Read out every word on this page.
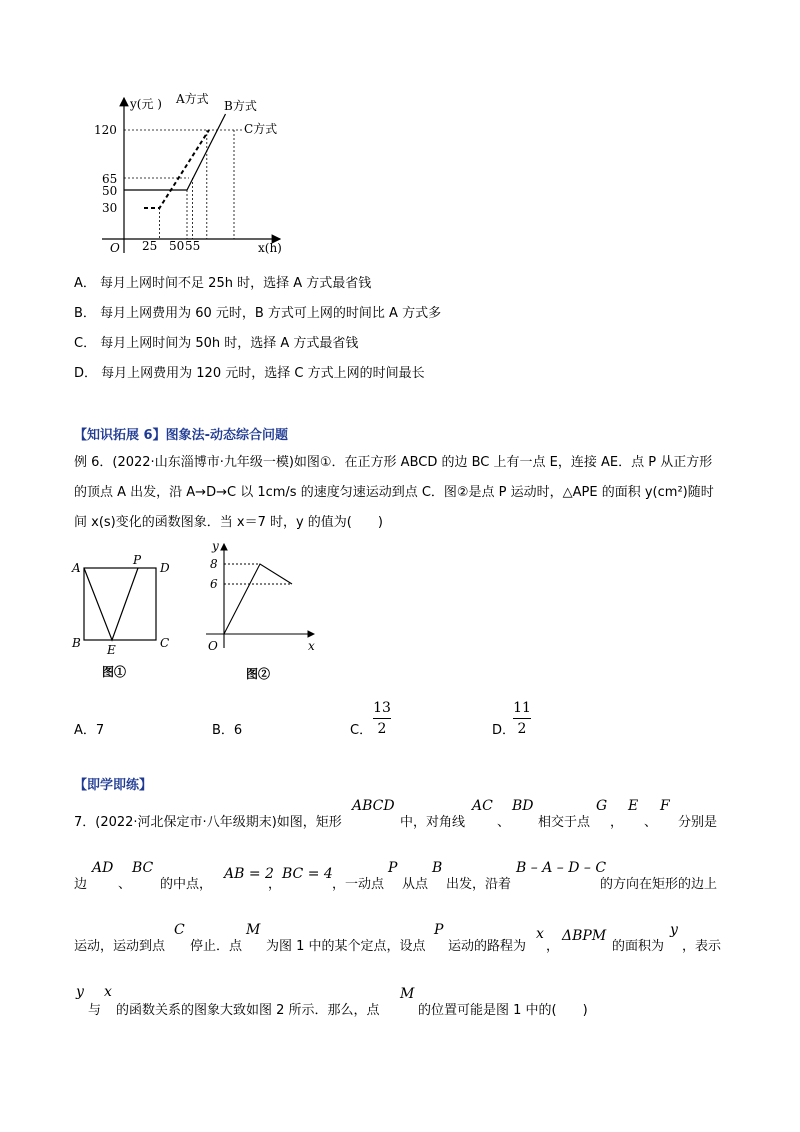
y(元 )
x(h)
O
A方式 B方式
C方式
120
65
50
30
25 50 55
A． 每月上网时间不足 25h 时，选择 A 方式最省钱
B． 每月上网费用为 60 元时，B 方式可上网的时间比 A 方式多
C． 每月上网时间为 50h 时，选择 A 方式最省钱
D． 每月上网费用为 120 元时，选择 C 方式上网的时间最长
【知识拓展 6】图象法-动态综合问题
例 6．(2022·山东淄博市·九年级一模)如图①．在正方形 ABCD 的边 BC 上有一点 E，连接 AE．点 P 从正方形
的顶点 A 出发，沿 A→D→C 以 1cm/s 的速度匀速运动到点 C．图②是点 P 运动时，△APE 的面积 y(cm²)随时
间 x(s)变化的函数图象．当 x＝7 时，y 的值为(　　)
A
P
D
B E	C
图①
y
x
O
8
6
图②
A．7	B．6	C．
13
2	D．
11
2
【即学即练】
7．(2022·河北保定市·八年级期末)如图，矩形
ABCD
中，对角线
AC
、
BD
相交于点
G
，
E
、
F
分别是
边
AD
、
BC
的中点，
AB = 2
，
BC = 4
，一动点
P
从点
B
出发，沿着
B – A – D – C
的方向在矩形的边上
运动，运动到点
C
停止．点
M
为图 1 中的某个定点，设点
P
运动的路程为
x
，
ΔBPM
的面积为
y
，表示
y
与
x
的函数关系的图象大致如图 2 所示．那么，点
M
的位置可能是图 1 中的(　　)
